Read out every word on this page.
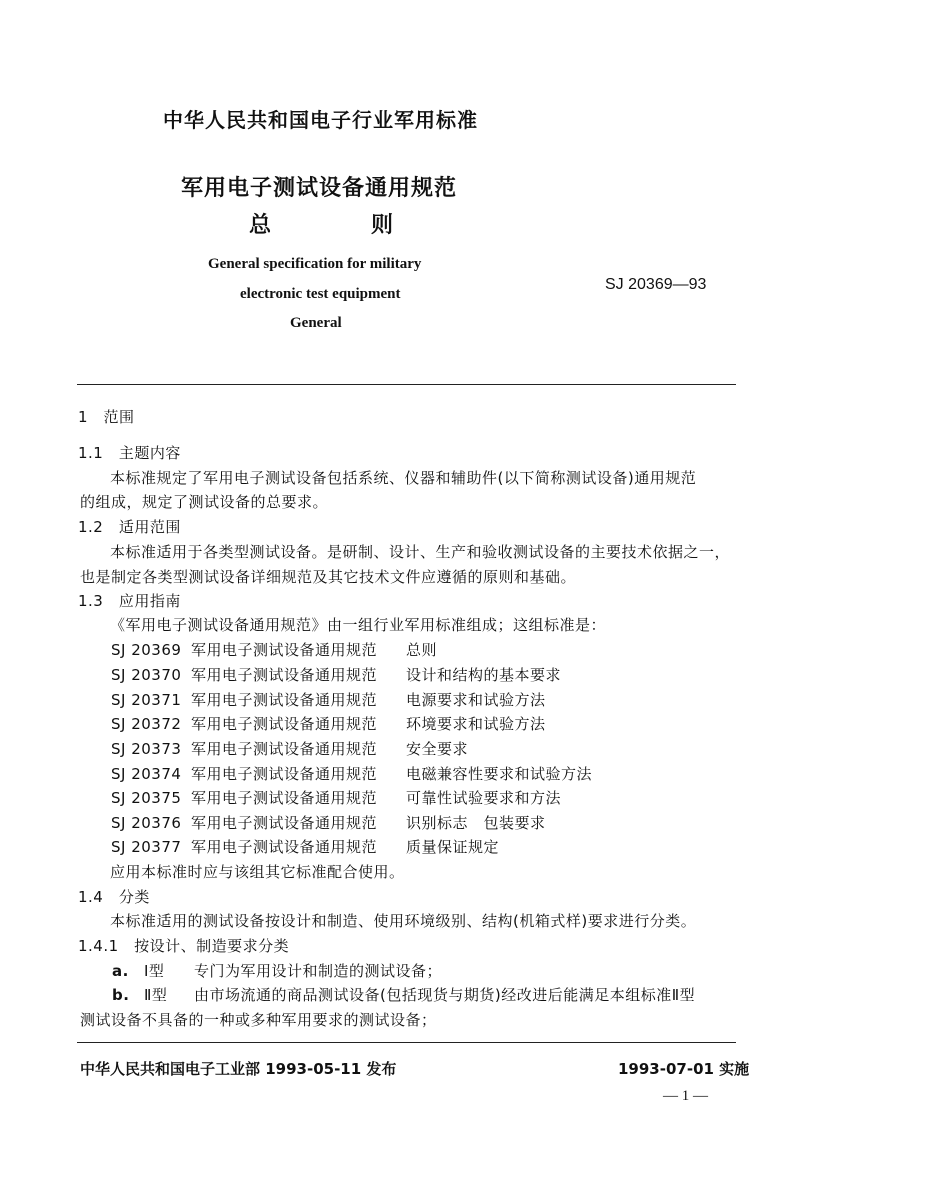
中华人民共和国电子行业军用标准
军用电子测试设备通用规范
总	则
General specification for military
electronic test equipment
General
SJ 20369—93
1　范围
1.1　主题内容
本标准规定了军用电子测试设备包括系统、仪器和辅助件(以下简称测试设备)通用规范
的组成，规定了测试设备的总要求。
1.2　适用范围
本标准适用于各类型测试设备。是研制、设计、生产和验收测试设备的主要技术依据之一，
也是制定各类型测试设备详细规范及其它技术文件应遵循的原则和基础。
1.3　应用指南
《军用电子测试设备通用规范》由一组行业军用标准组成；这组标准是：
SJ 20369 军用电子测试设备通用规范 总则
SJ 20370 军用电子测试设备通用规范 设计和结构的基本要求
SJ 20371 军用电子测试设备通用规范 电源要求和试验方法
SJ 20372 军用电子测试设备通用规范 环境要求和试验方法
SJ 20373 军用电子测试设备通用规范 安全要求
SJ 20374 军用电子测试设备通用规范 电磁兼容性要求和试验方法
SJ 20375 军用电子测试设备通用规范 可靠性试验要求和方法
SJ 20376 军用电子测试设备通用规范 识别标志　包装要求
SJ 20377 军用电子测试设备通用规范 质量保证规定
应用本标准时应与该组其它标准配合使用。
1.4　分类
本标准适用的测试设备按设计和制造、使用环境级别、结构(机箱式样)要求进行分类。
1.4.1　按设计、制造要求分类
a. Ⅰ型 专门为军用设计和制造的测试设备；
b. Ⅱ型 由市场流通的商品测试设备(包括现货与期货)经改进后能满足本组标准Ⅱ型
测试设备不具备的一种或多种军用要求的测试设备；
中华人民共和国电子工业部 1993-05-11 发布	1993-07-01 实施
— 1 —
